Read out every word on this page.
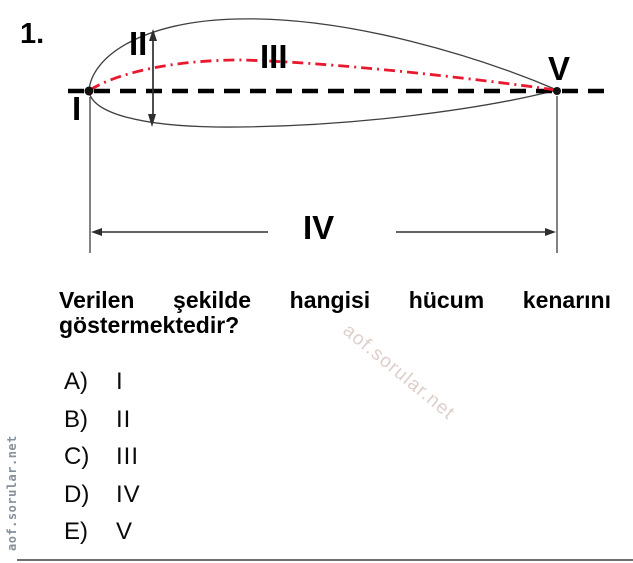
1.
I
II	III
IV
V
Verilen şekilde hangisi hücum kenarını
göstermektedir?
A)	I
B)	II
C)	III
D)	IV
E)	V
aof.sorular.net
aof.sorular.net
